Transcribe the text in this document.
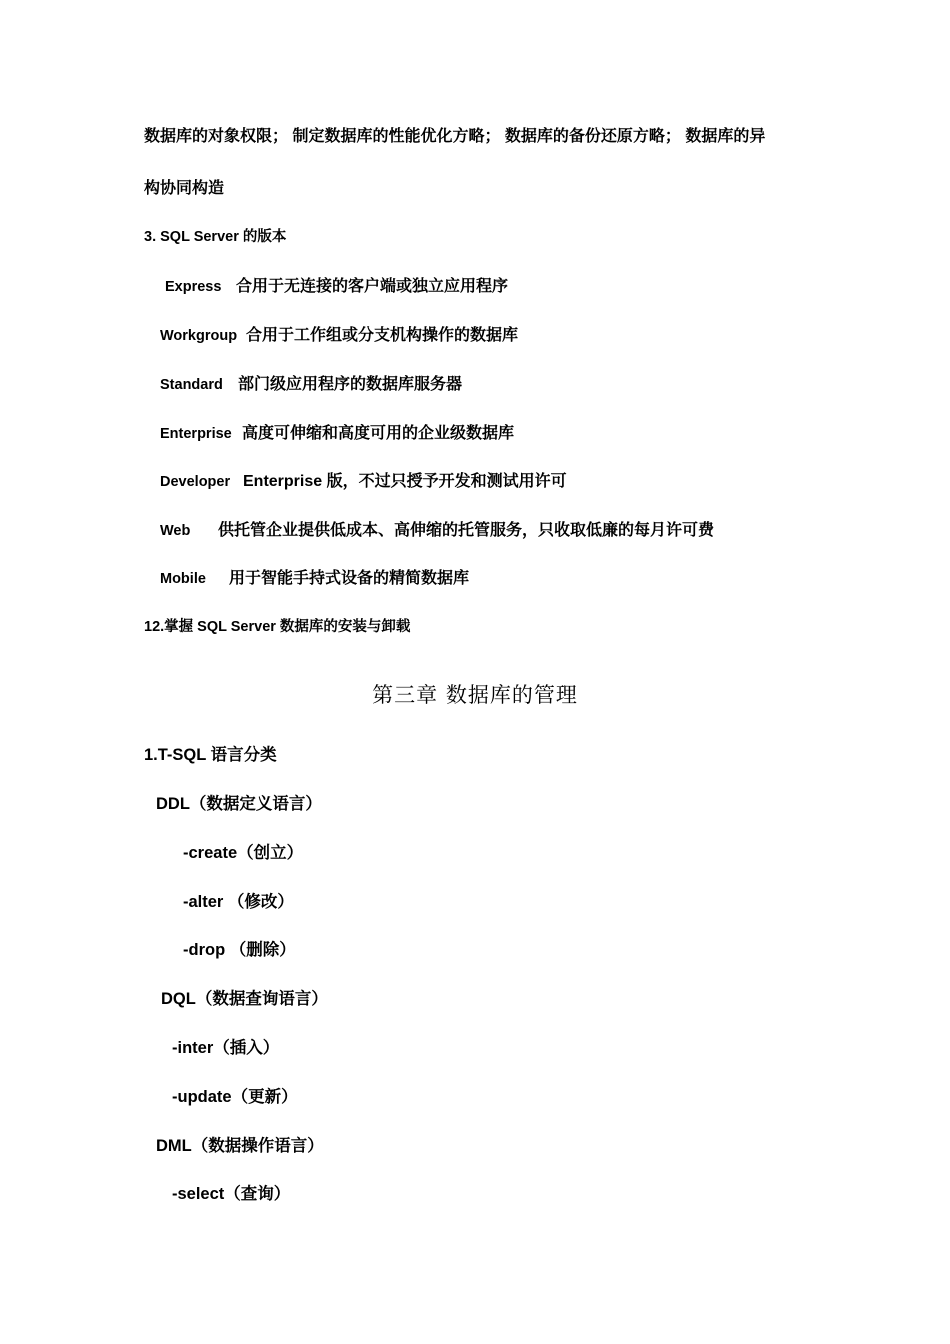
数据库的对象权限； 制定数据库的性能优化方略； 数据库的备份还原方略； 数据库的异
构协同构造
3. SQL Server 的版本
Express 合用于无连接的客户端或独立应用程序
Workgroup 合用于工作组或分支机构操作的数据库
Standard 部门级应用程序的数据库服务器
Enterprise 高度可伸缩和高度可用的企业级数据库
Developer Enterprise 版，不过只授予开发和测试用许可
Web 供托管企业提供低成本、高伸缩的托管服务，只收取低廉的每月许可费
Mobile 用于智能手持式设备的精简数据库
12.掌握 SQL Server 数据库的安装与卸载
第三章 数据库的管理
1.T-SQL 语言分类
DDL（数据定义语言）
-create（创立）
-alter （修改）
-drop （删除）
DQL（数据查询语言）
-inter（插入）
-update（更新）
DML（数据操作语言）
-select（查询）
